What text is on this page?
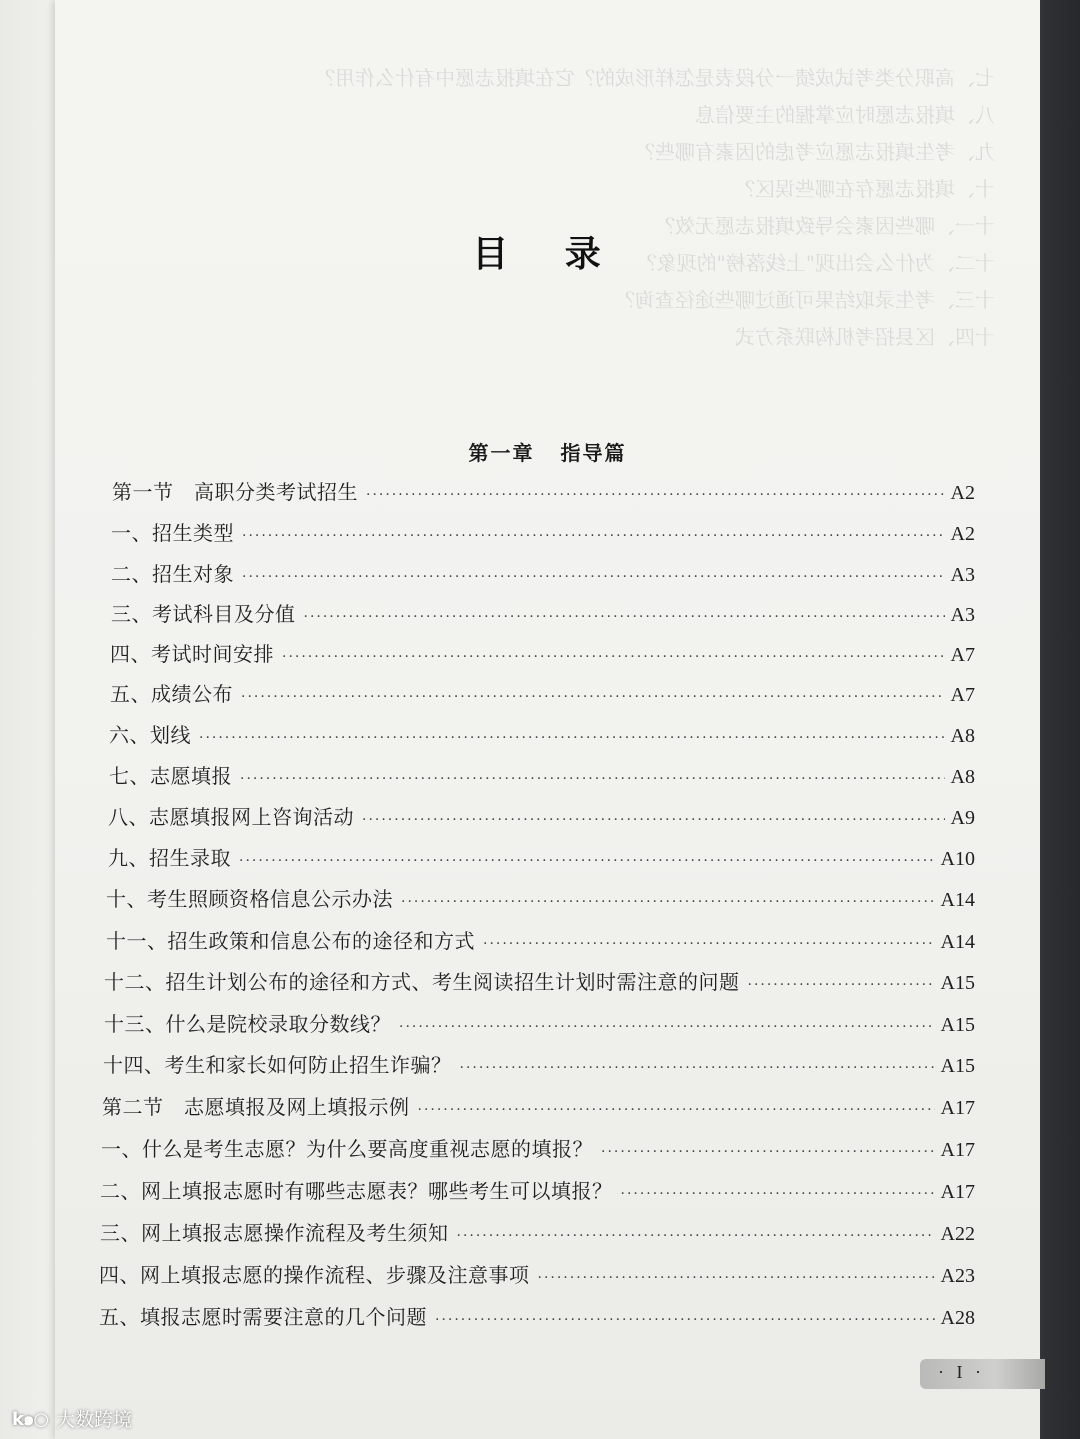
七、高职分类考试成绩一分段表是怎样形成的？它在填报志愿中有什么作用？
八、填报志愿时应掌握的主要信息
九、考生填报志愿应考虑的因素有哪些？
十、填报志愿存在哪些误区？
十一、哪些因素会导致填报志愿无效？
十二、为什么会出现"上线落榜"的现象？
十三、考生录取结果可通过哪些途径查询？
十四、区县招考机构联系方式
目 录
第一章 指导篇
第一节　高职分类考试招生 ·····	A2
一、招生类型 ·····	A2
二、招生对象 ·····	A3
三、考试科目及分值 ·····	A3
四、考试时间安排 ·····	A7
五、成绩公布 ·····	A7
六、划线 ·····	A8
七、志愿填报 ·····	A8
八、志愿填报网上咨询活动 ·····	A9
九、招生录取 ·····	A10
十、考生照顾资格信息公示办法 ·····	A14
十一、招生政策和信息公布的途径和方式 ·····	A14
十二、招生计划公布的途径和方式、考生阅读招生计划时需注意的问题 ·····	A15
十三、什么是院校录取分数线？ ·····	A15
十四、考生和家长如何防止招生诈骗？ ·····	A15
第二节　志愿填报及网上填报示例 ·····	A17
一、什么是考生志愿？为什么要高度重视志愿的填报？ ·····	A17
二、网上填报志愿时有哪些志愿表？哪些考生可以填报？ ·····	A17
三、网上填报志愿操作流程及考生须知 ·····	A22
四、网上填报志愿的操作流程、步骤及注意事项 ·····	A23
五、填报志愿时需要注意的几个问题 ·····	A28
· I ·
k๑○ 大数跨境
